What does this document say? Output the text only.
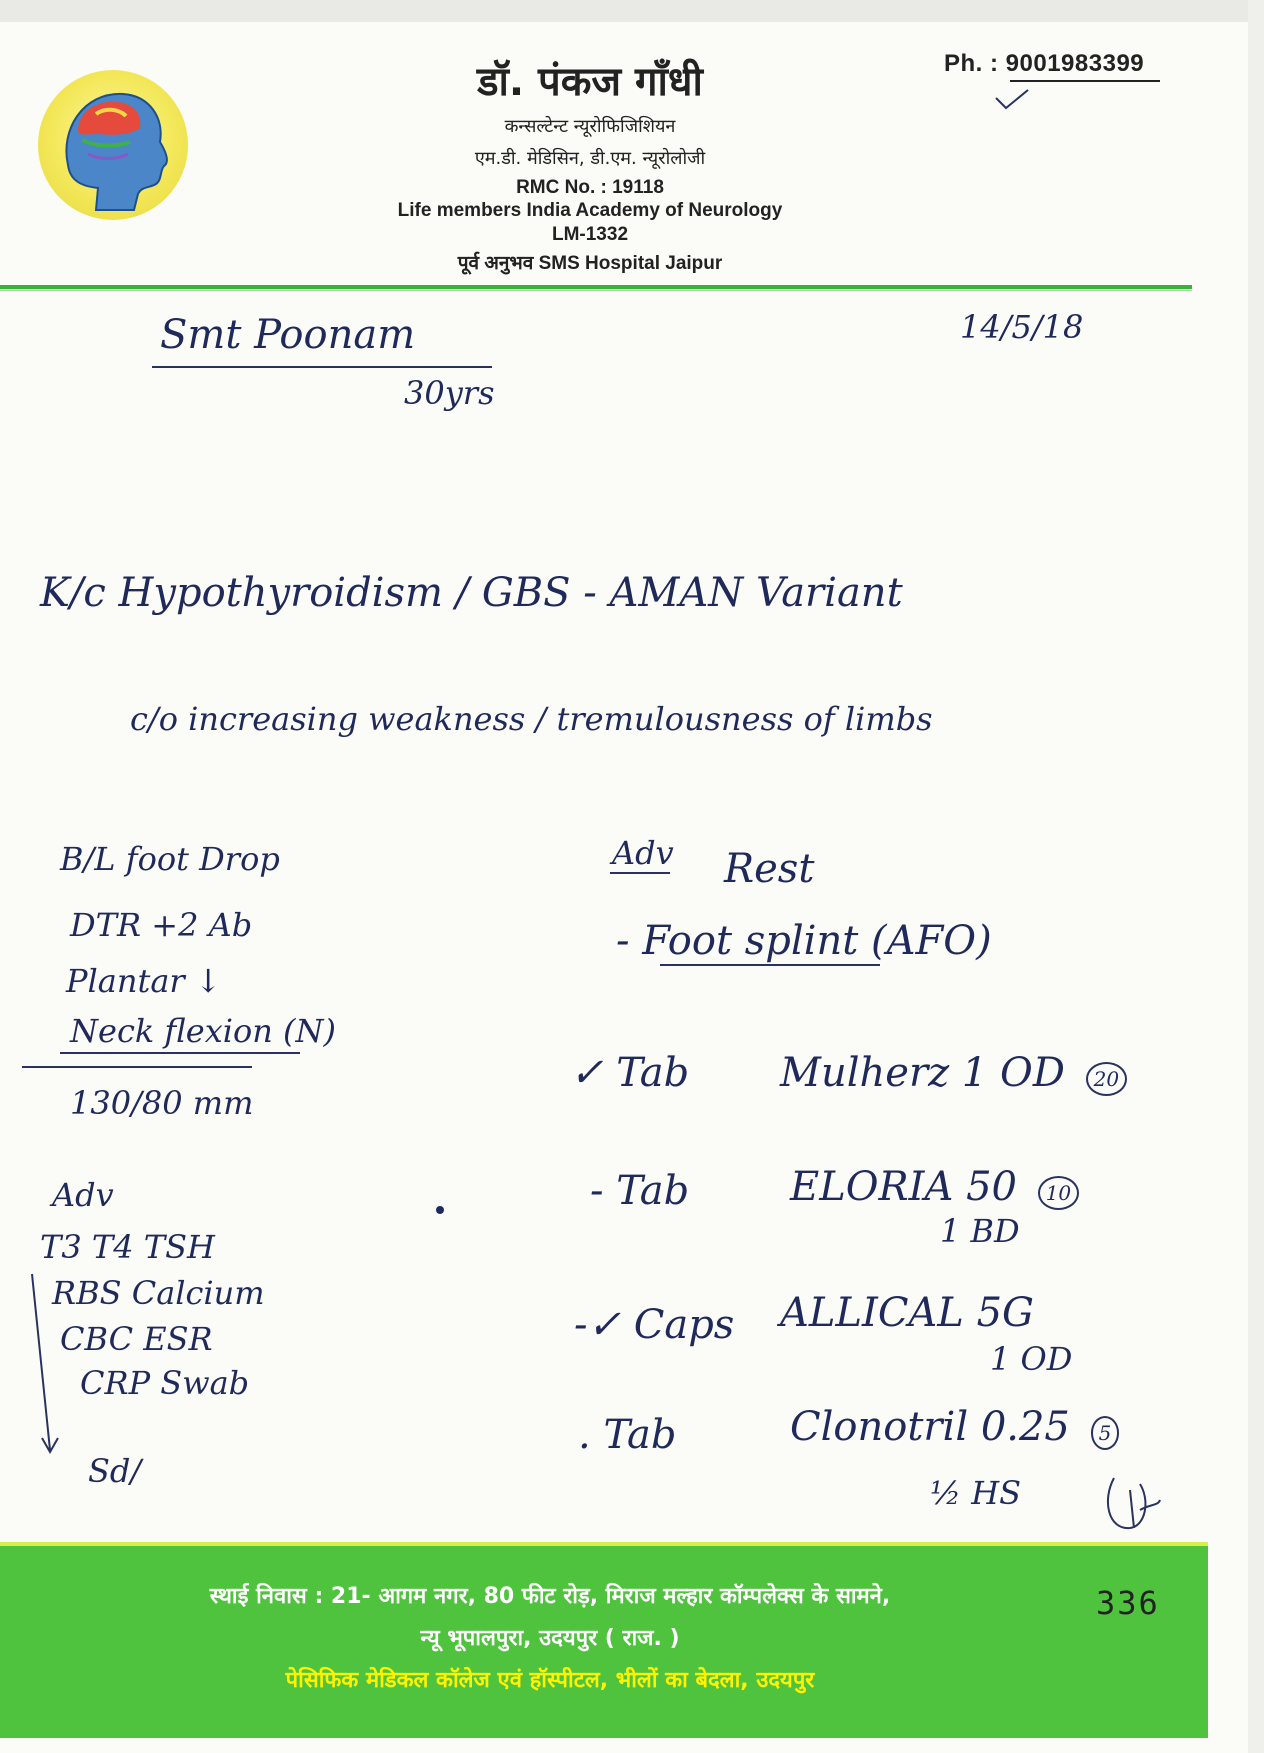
डॉ. पंकज गाँधी	Ph. : 9001983399
कन्सल्टेन्ट न्यूरोफिजिशियन
एम.डी. मेडिसिन, डी.एम. न्यूरोलोजी
RMC No. : 19118
Life members India Academy of Neurology
LM-1332
पूर्व अनुभव SMS Hospital Jaipur
Smt Poonam
30yrs
14/5/18
K/c Hypothyroidism / GBS - AMAN Variant
c/o increasing weakness / tremulousness of limbs
B/L foot Drop
DTR +2 Ab
Plantar ↓
Neck flexion (N)
130/80 mm
Adv
T3 T4 TSH
RBS Calcium
CBC ESR
CRP Swab
Sd/
Adv Rest
- Foot splint (AFO)
✓ Tab Mulherz 1 OD 20
- Tab	ELORIA 50 10
1 BD
-✓ Caps ALLICAL 5G
1 OD
. Tab	Clonotril 0.25 5
½ HS
स्थाई निवास : 21- आगम नगर, 80 फीट रोड़, मिराज मल्हार कॉम्पलेक्स के सामने,
न्यू भूपालपुरा, उदयपुर ( राज. )
पेसिफिक मेडिकल कॉलेज एवं हॉस्पीटल, भीलों का बेदला, उदयपुर
336
